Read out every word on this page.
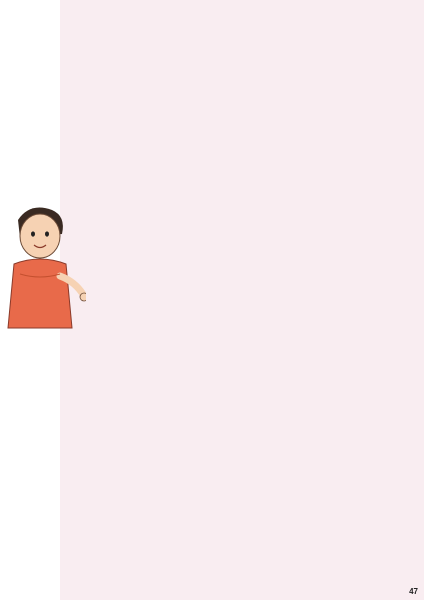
47
